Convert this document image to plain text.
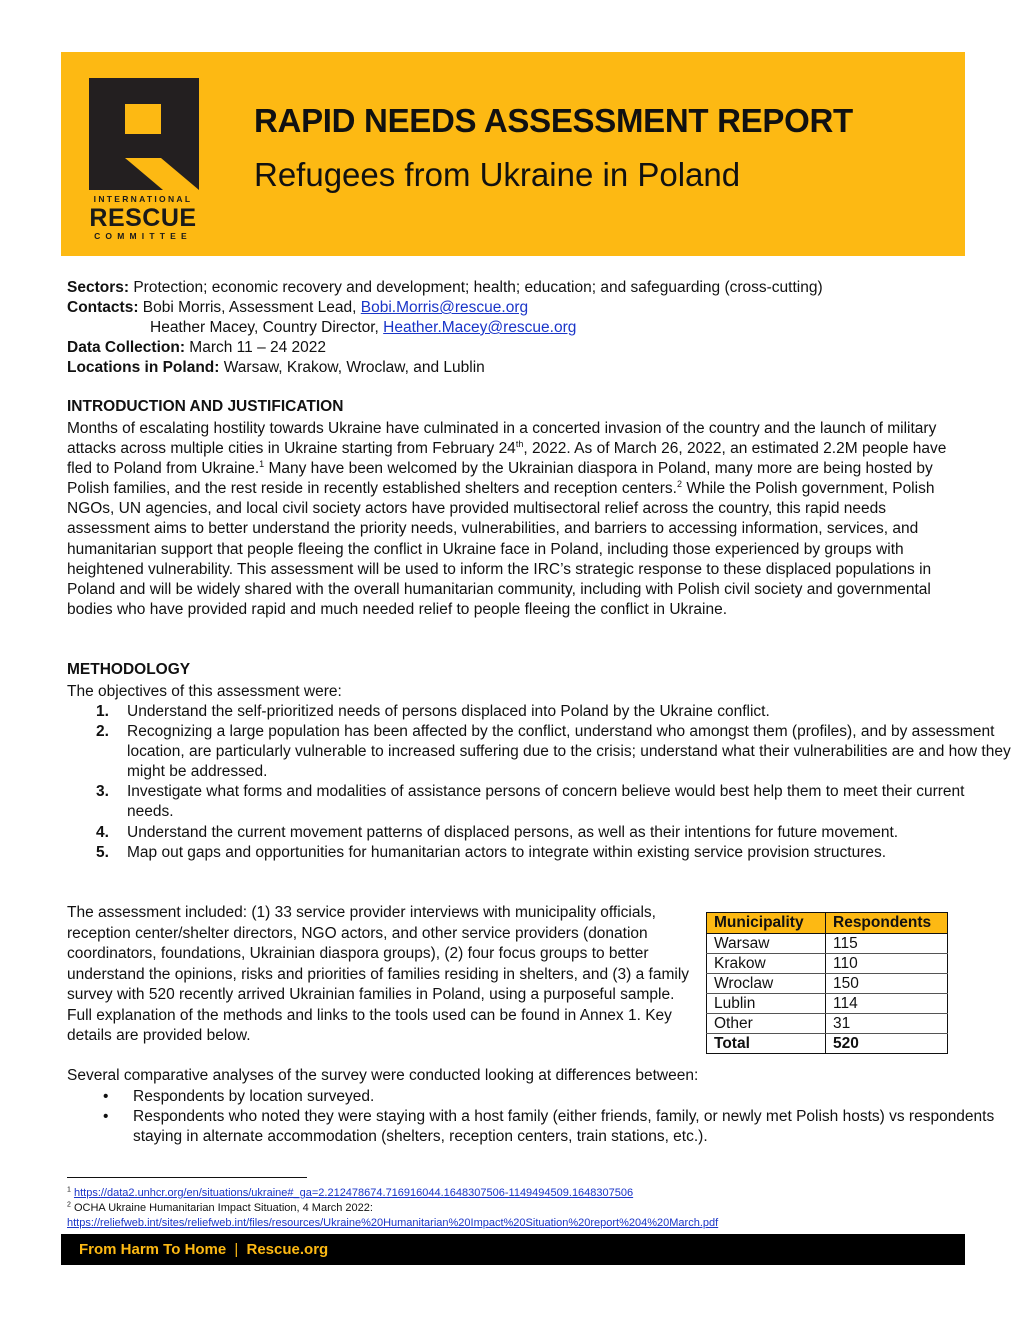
INTERNATIONAL
RESCUE
COMMITTEE
RAPID NEEDS ASSESSMENT REPORT
Refugees from Ukraine in Poland
Sectors: Protection; economic recovery and development; health; education; and safeguarding (cross-cutting)
Contacts: Bobi Morris, Assessment Lead, Bobi.Morris@rescue.org
Heather Macey, Country Director, Heather.Macey@rescue.org
Data Collection: March 11 – 24 2022
Locations in Poland: Warsaw, Krakow, Wroclaw, and Lublin
INTRODUCTION AND JUSTIFICATION
Months of escalating hostility towards Ukraine have culminated in a concerted invasion of the country and the launch of military attacks across multiple cities in Ukraine starting from February 24th, 2022. As of March 26, 2022, an estimated 2.2M people have fled to Poland from Ukraine.$^1$ Many have been welcomed by the Ukrainian diaspora in Poland, many more are being hosted by Polish families, and the rest reside in recently established shelters and reception centers.$^2$ While the Polish government, Polish NGOs, UN agencies, and local civil society actors have provided multisectoral relief across the country, this rapid needs assessment aims to better understand the priority needs, vulnerabilities, and barriers to accessing information, services, and humanitarian support that people fleeing the conflict in Ukraine face in Poland, including those experienced by groups with heightened vulnerability. This assessment will be used to inform the IRC’s strategic response to these displaced populations in Poland and will be widely shared with the overall humanitarian community, including with Polish civil society and governmental bodies who have provided rapid and much needed relief to people fleeing the conflict in Ukraine.
METHODOLOGY
The objectives of this assessment were:
Understand the self-prioritized needs of persons displaced into Poland by the Ukraine conflict.
Recognizing a large population has been affected by the conflict, understand who amongst them (profiles), and by assessment location, are particularly vulnerable to increased suffering due to the crisis; understand what their vulnerabilities are and how they might be addressed.
Investigate what forms and modalities of assistance persons of concern believe would best help them to meet their current needs.
Understand the current movement patterns of displaced persons, as well as their intentions for future movement.
Map out gaps and opportunities for humanitarian actors to integrate within existing service provision structures.
The assessment included: (1) 33 service provider interviews with municipality officials, reception center/shelter directors, NGO actors, and other service providers (donation coordinators, foundations, Ukrainian diaspora groups), (2) four focus groups to better understand the opinions, risks and priorities of families residing in shelters, and (3) a family survey with 520 recently arrived Ukrainian families in Poland, using a purposeful sample. Full explanation of the methods and links to the tools used can be found in Annex 1. Key details are provided below.
Municipality	Respondents
Warsaw	115
Krakow	110
Wroclaw	150
Lublin	114
Other	31
Total	520
Several comparative analyses of the survey were conducted looking at differences between:
• Respondents by location surveyed.
• Respondents who noted they were staying with a host family (either friends, family, or newly met Polish hosts) vs respondents staying in alternate accommodation (shelters, reception centers, train stations, etc.).
$^1$ https://data2.unhcr.org/en/situations/ukraine#_ga=2.212478674.716916044.1648307506-1149494509.1648307506
$^2$ OCHA Ukraine Humanitarian Impact Situation, 4 March 2022:
https://reliefweb.int/sites/reliefweb.int/files/resources/Ukraine%20Humanitarian%20Impact%20Situation%20report%204%20March.pdf
From Harm To Home | Rescue.org
